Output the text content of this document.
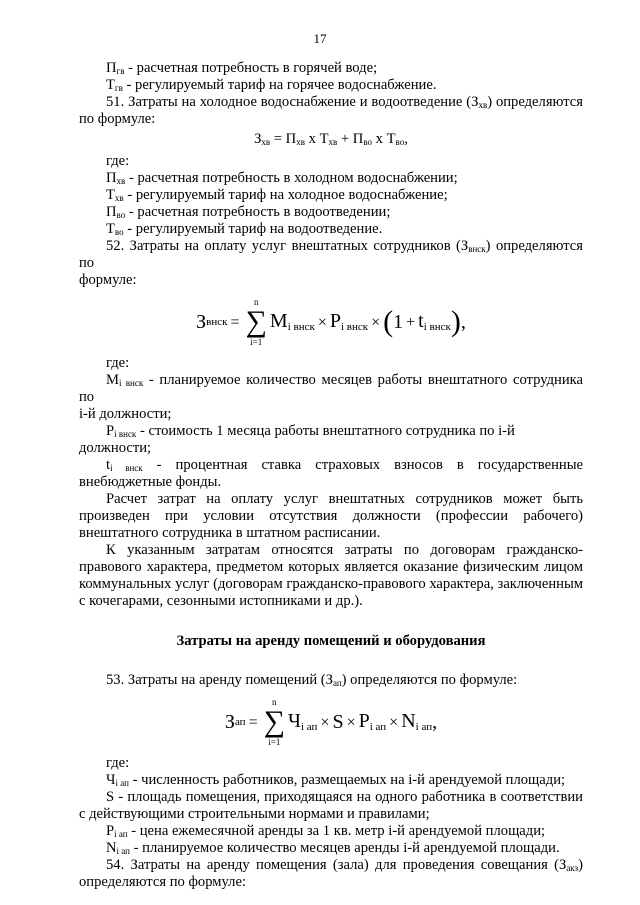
17

$П_{гв}$ - расчетная потребность в горячей воде;

$Т_{гв}$ - регулируемый тариф на горячее водоснабжение.

51. Затраты на холодное водоснабжение и водоотведение $(З_{хв})$ определяются

по формуле:

$З_{хв} = П_{хв}$ х $Т_{хв} + П_{во}$ х $Т_{во}$,

где:

$П_{хв}$ - расчетная потребность в холодном водоснабжении;

$Т_{хв}$ - регулируемый тариф на холодное водоснабжение;

$П_{во}$ - расчетная потребность в водоотведении;

$Т_{во}$ - регулируемый тариф на водоотведение.

52. Затраты на оплату услуг внештатных сотрудников $(З_{внск})$ определяются по

формуле:

З внск =
n
∑
i=1
$M_{i внск} \times P_{i внск}$ × ( $1 + t_{i внск}$ ) ,

где:

$M_{i внск}$ - планируемое количество месяцев работы внештатного сотрудника по

i-й должности;

$P_{i внск}$ - стоимость 1 месяца работы внештатного сотрудника по i-й должности;

$t_{i внск}$ - процентная ставка страховых взносов в государственные

внебюджетные фонды.

Расчет затрат на оплату услуг внештатных сотрудников может быть произведен при условии отсутствия должности (профессии рабочего) внештатного сотрудника в штатном расписании.

К указанным затратам относятся затраты по договорам гражданско-правового характера, предметом которых является оказание физическим лицом коммунальных услуг (договорам гражданско-правового характера, заключенным с кочегарами, сезонными истопниками и др.).

Затраты на аренду помещений и оборудования

53. Затраты на аренду помещений $(З_{ап})$ определяются по формуле:

З ап =
n
∑
i=1
$Ч_{i ап} \times S \times P_{i ап} \times N_{i ап}$ ,

где:

$Ч_{i ап}$ - численность работников, размещаемых на i-й арендуемой площади;

S - площадь помещения, приходящаяся на одного работника в соответствии с действующими строительными нормами и правилами;

$P_{i ап}$ - цена ежемесячной аренды за 1 кв. метр i-й арендуемой площади;

$N_{i ап}$ - планируемое количество месяцев аренды i-й арендуемой площади.

54. Затраты на аренду помещения (зала) для проведения совещания $(З_{акз})$

определяются по формуле:
